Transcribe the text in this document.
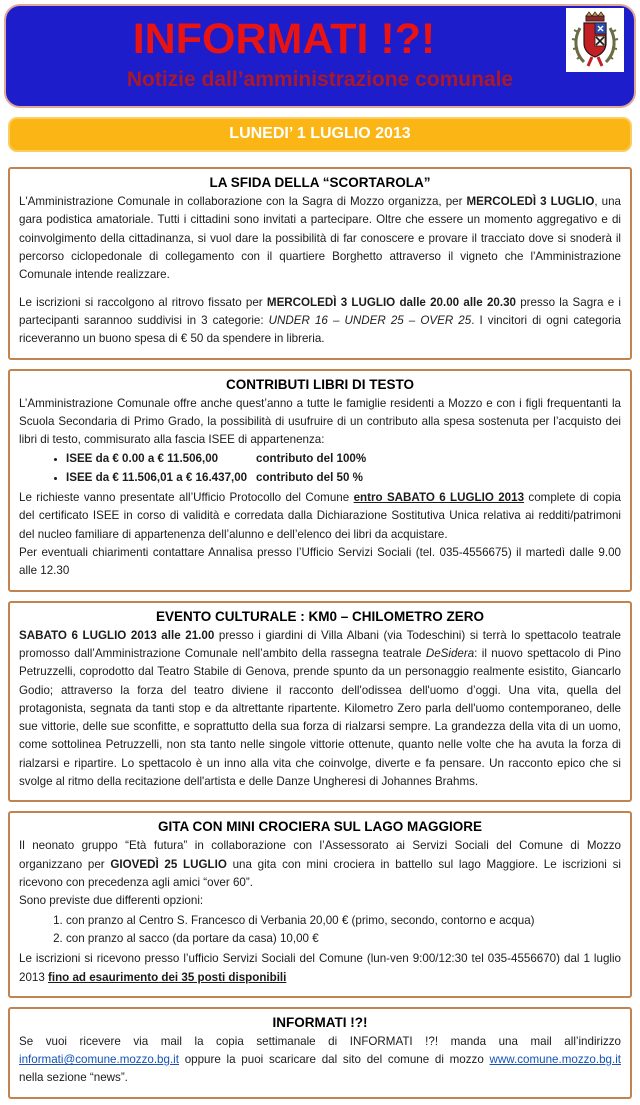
INFORMATI !?!
Notizie dall’amministrazione comunale
LUNEDI’ 1 LUGLIO 2013
LA SFIDA DELLA “SCORTAROLA”

L'Amministrazione Comunale in collaborazione con la Sagra di Mozzo organizza, per MERCOLEDÌ 3 LUGLIO, una gara podistica amatoriale. Tutti i cittadini sono invitati a partecipare. Oltre che essere un momento aggregativo e di coinvolgimento della cittadinanza, si vuol dare la possibilità di far conoscere e provare il tracciato dove si snoderà il percorso ciclopedonale di collegamento con il quartiere Borghetto attraverso il vigneto che l'Amministrazione Comunale intende realizzare.

Le iscrizioni si raccolgono al ritrovo fissato per MERCOLEDÌ 3 LUGLIO dalle 20.00 alle 20.30 presso la Sagra e i partecipanti sarannoo suddivisi in 3 categorie: UNDER 16 – UNDER 25 – OVER 25. I vincitori di ogni categoria riceveranno un buono spesa di € 50 da spendere in libreria.

CONTRIBUTI LIBRI DI TESTO

L’Amministrazione Comunale offre anche quest’anno a tutte le famiglie residenti a Mozzo e con i figli frequentanti la Scuola Secondaria di Primo Grado, la possibilità di usufruire di un contributo alla spesa sostenuta per l’acquisto dei libri di testo, commisurato alla fascia ISEE di appartenenza:

• ISEE da € 0.00 a € 11.506,00	contributo del 100%
• ISEE da € 11.506,01 a € 16.437,00 contributo del 50 %

Le richieste vanno presentate all’Ufficio Protocollo del Comune entro SABATO 6 LUGLIO 2013 complete di copia del certificato ISEE in corso di validità e corredata dalla Dichiarazione Sostitutiva Unica relativa ai redditi/patrimoni del nucleo familiare di appartenenza dell’alunno e dell’elenco dei libri da acquistare.

Per eventuali chiarimenti contattare Annalisa presso l’Ufficio Servizi Sociali (tel. 035-4556675) il martedì dalle 9.00 alle 12.30

EVENTO CULTURALE : KM0 – CHILOMETRO ZERO

SABATO 6 LUGLIO 2013 alle 21.00 presso i giardini di Villa Albani (via Todeschini) si terrà lo spettacolo teatrale promosso dall’Amministrazione Comunale nell’ambito della rassegna teatrale DeSidera: il nuovo spettacolo di Pino Petruzzelli, coprodotto dal Teatro Stabile di Genova, prende spunto da un personaggio realmente esistito, Giancarlo Godio; attraverso la forza del teatro diviene il racconto dell'odissea dell'uomo d’oggi. Una vita, quella del protagonista, segnata da tanti stop e da altrettante ripartente. Kilometro Zero parla dell'uomo contemporaneo, delle sue vittorie, delle sue sconfitte, e soprattutto della sua forza di rialzarsi sempre. La grandezza della vita di un uomo, come sottolinea Petruzzelli, non sta tanto nelle singole vittorie ottenute, quanto nelle volte che ha avuta la forza di rialzarsi e ripartire. Lo spettacolo è un inno alla vita che coinvolge, diverte e fa pensare. Un racconto epico che si svolge al ritmo della recitazione dell'artista e delle Danze Ungheresi di Johannes Brahms.

GITA CON MINI CROCIERA SUL LAGO MAGGIORE

Il neonato gruppo “Età futura” in collaborazione con l’Assessorato ai Servizi Sociali del Comune di Mozzo organizzano per GIOVEDÌ 25 LUGLIO una gita con mini crociera in battello sul lago Maggiore. Le iscrizioni si ricevono con precedenza agli amici “over 60”.

Sono previste due differenti opzioni:

1. con pranzo al Centro S. Francesco di Verbania 20,00 € (primo, secondo, contorno e acqua)
2. con pranzo al sacco (da portare da casa) 10,00 €

Le iscrizioni si ricevono presso l’ufficio Servizi Sociali del Comune (lun-ven 9:00/12:30 tel 035-4556670) dal 1 luglio 2013 fino ad esaurimento dei 35 posti disponibili

INFORMATI !?!

Se vuoi ricevere via mail la copia settimanale di INFORMATI !?! manda una mail all’indirizzo informati@comune.mozzo.bg.it oppure la puoi scaricare dal sito del comune di mozzo www.comune.mozzo.bg.it nella sezione “news”.
